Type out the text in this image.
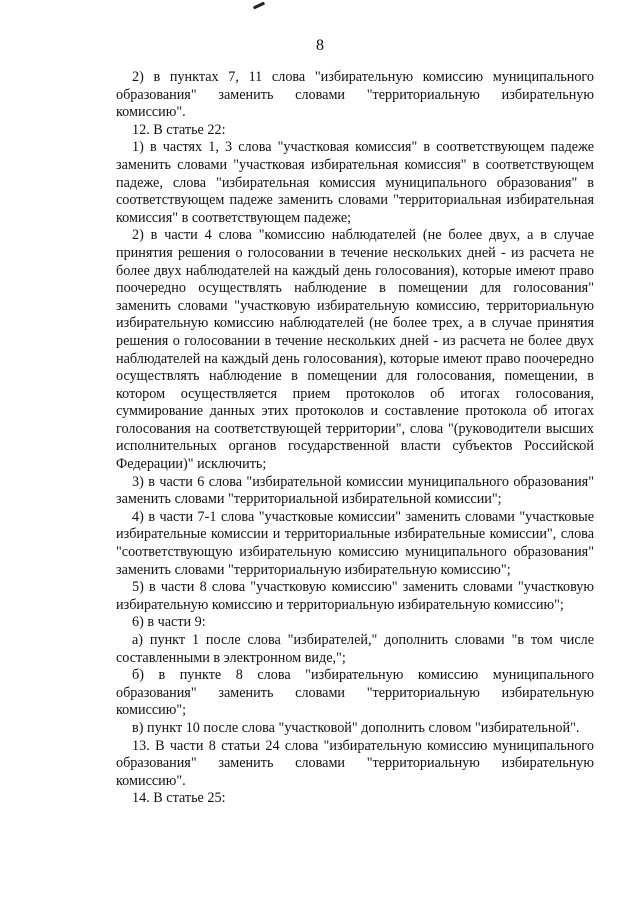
8

2) в пунктах 7, 11 слова "избирательную комиссию муниципального образования" заменить словами "территориальную избирательную комиссию".

12. В статье 22:

1) в частях 1, 3 слова "участковая комиссия" в соответствующем падеже заменить словами "участковая избирательная комиссия" в соответствующем падеже, слова "избирательная комиссия муниципального образования" в соответствующем падеже заменить словами "территориальная избирательная комиссия" в соответствующем падеже;

2) в части 4 слова "комиссию наблюдателей (не более двух, а в случае принятия решения о голосовании в течение нескольких дней - из расчета не более двух наблюдателей на каждый день голосования), которые имеют право поочередно осуществлять наблюдение в помещении для голосования" заменить словами "участковую избирательную комиссию, территориальную избирательную комиссию наблюдателей (не более трех, а в случае принятия решения о голосовании в течение нескольких дней - из расчета не более двух наблюдателей на каждый день голосования), которые имеют право поочередно осуществлять наблюдение в помещении для голосования, помещении, в котором осуществляется прием протоколов об итогах голосования, суммирование данных этих протоколов и составление протокола об итогах голосования на соответствующей территории", слова "(руководители высших исполнительных органов государственной власти субъектов Российской Федерации)" исключить;

3) в части 6 слова "избирательной комиссии муниципального образования" заменить словами "территориальной избирательной комиссии";

4) в части 7-1 слова "участковые комиссии" заменить словами "участковые избирательные комиссии и территориальные избирательные комиссии", слова "соответствующую избирательную комиссию муниципального образования" заменить словами "территориальную избирательную комиссию";

5) в части 8 слова "участковую комиссию" заменить словами "участковую избирательную комиссию и территориальную избирательную комиссию";

6) в части 9:

а) пункт 1 после слова "избирателей," дополнить словами "в том числе составленными в электронном виде,";

б) в пункте 8 слова "избирательную комиссию муниципального образования" заменить словами "территориальную избирательную комиссию";

в) пункт 10 после слова "участковой" дополнить словом "избирательной".

13. В части 8 статьи 24 слова "избирательную комиссию муниципального образования" заменить словами "территориальную избирательную комиссию".

14. В статье 25:
